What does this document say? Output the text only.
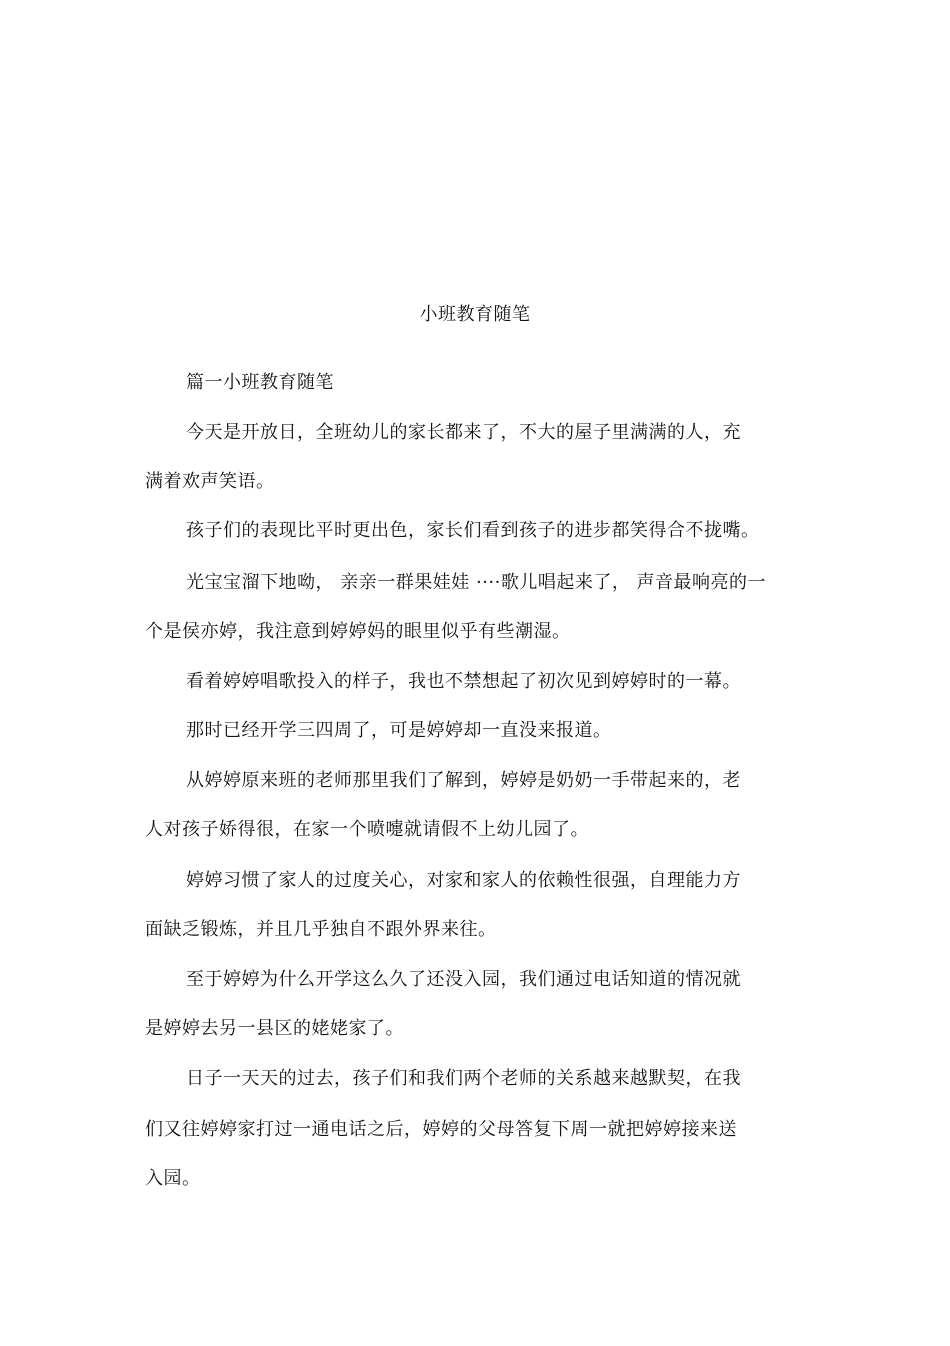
小班教育随笔
篇一小班教育随笔
今天是开放日，全班幼儿的家长都来了，不大的屋子里满满的人，充
满着欢声笑语。
孩子们的表现比平时更出色，家长们看到孩子的进步都笑得合不拢嘴。
光宝宝溜下地呦， 亲亲一群果娃娃 ····歌儿唱起来了， 声音最响亮的一
个是侯亦婷，我注意到婷婷妈的眼里似乎有些潮湿。
看着婷婷唱歌投入的样子，我也不禁想起了初次见到婷婷时的一幕。
那时已经开学三四周了，可是婷婷却一直没来报道。
从婷婷原来班的老师那里我们了解到，婷婷是奶奶一手带起来的，老
人对孩子娇得很，在家一个喷嚏就请假不上幼儿园了。
婷婷习惯了家人的过度关心，对家和家人的依赖性很强，自理能力方
面缺乏锻炼，并且几乎独自不跟外界来往。
至于婷婷为什么开学这么久了还没入园，我们通过电话知道的情况就
是婷婷去另一县区的姥姥家了。
日子一天天的过去，孩子们和我们两个老师的关系越来越默契，在我
们又往婷婷家打过一通电话之后，婷婷的父母答复下周一就把婷婷接来送
入园。
